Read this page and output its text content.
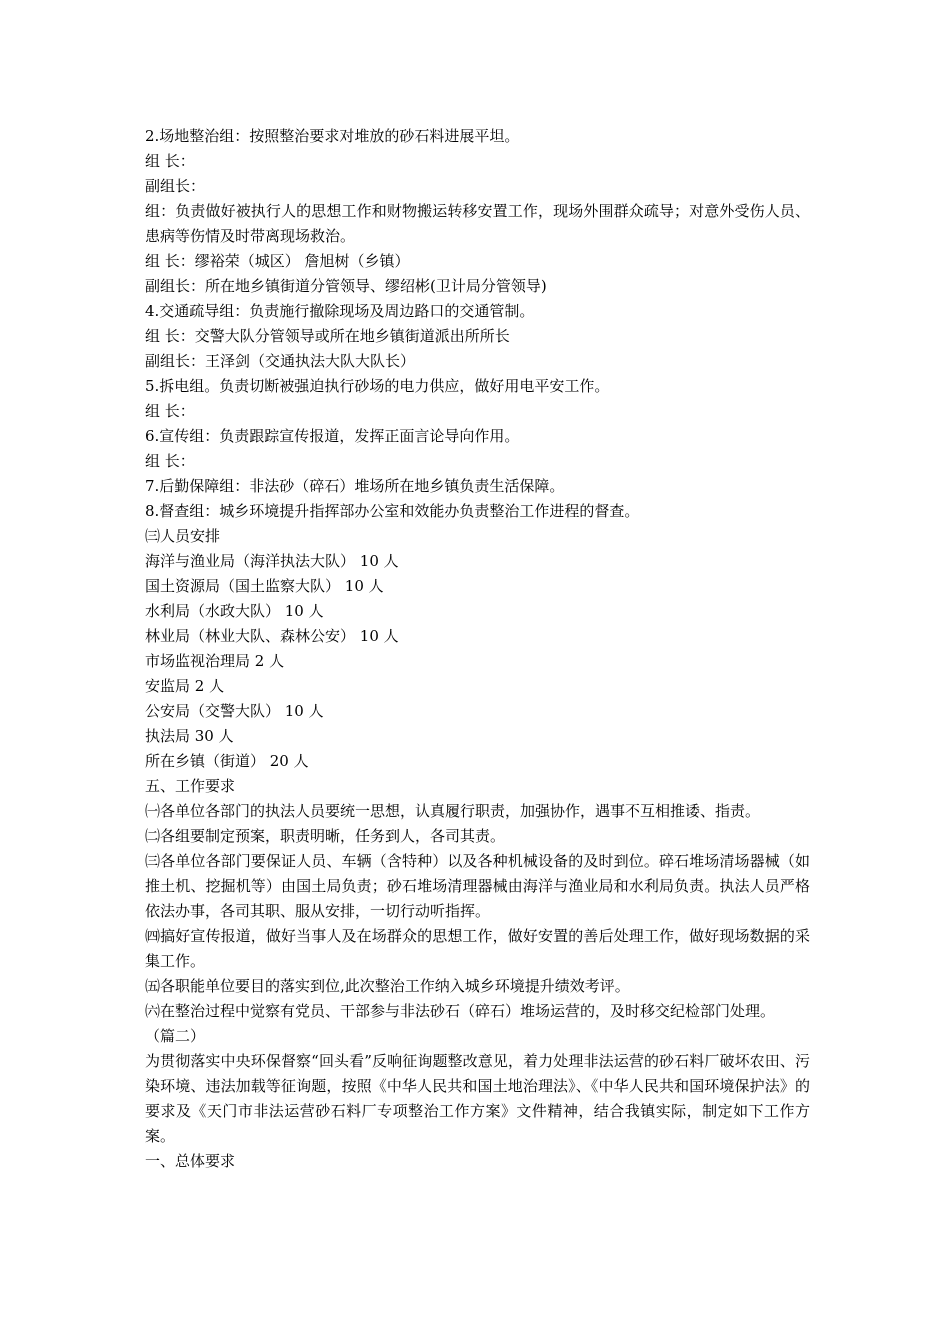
2.场地整治组：按照整治要求对堆放的砂石料进展平坦。

组 长：

副组长：

组：负责做好被执行人的思想工作和财物搬运转移安置工作，现场外围群众疏导；对意外受伤人员、患病等伤情及时带离现场救治。

组 长：缪裕荣（城区） 詹旭树（乡镇）

副组长：所在地乡镇街道分管领导、缪绍彬(卫计局分管领导)

4.交通疏导组：负责施行撤除现场及周边路口的交通管制。

组 长：交警大队分管领导或所在地乡镇街道派出所所长

副组长：王泽剑（交通执法大队大队长）

5.拆电组。负责切断被强迫执行砂场的电力供应，做好用电平安工作。

组 长：

6.宣传组：负责跟踪宣传报道，发挥正面言论导向作用。

组 长：

7.后勤保障组：非法砂（碎石）堆场所在地乡镇负责生活保障。

8.督查组：城乡环境提升指挥部办公室和效能办负责整治工作进程的督查。

㈢人员安排

海洋与渔业局（海洋执法大队） 10 人

国土资源局（国土监察大队） 10 人

水利局（水政大队） 10 人

林业局（林业大队、森林公安） 10 人

市场监视治理局 2 人

安监局 2 人

公安局（交警大队） 10 人

执法局 30 人

所在乡镇（街道） 20 人

五、工作要求

㈠各单位各部门的执法人员要统一思想，认真履行职责，加强协作，遇事不互相推诿、指责。

㈡各组要制定预案，职责明晰，任务到人，各司其责。

㈢各单位各部门要保证人员、车辆（含特种）以及各种机械设备的及时到位。碎石堆场清场器械（如推土机、挖掘机等）由国土局负责；砂石堆场清理器械由海洋与渔业局和水利局负责。执法人员严格依法办事，各司其职、服从安排，一切行动听指挥。

㈣搞好宣传报道，做好当事人及在场群众的思想工作，做好安置的善后处理工作，做好现场数据的采集工作。

㈤各职能单位要目的落实到位,此次整治工作纳入城乡环境提升绩效考评。

㈥在整治过程中觉察有党员、干部参与非法砂石（碎石）堆场运营的，及时移交纪检部门处理。

（篇二）

为贯彻落实中央环保督察“回头看”反响征询题整改意见，着力处理非法运营的砂石料厂破坏农田、污染环境、违法加载等征询题，按照《中华人民共和国土地治理法》、《中华人民共和国环境保护法》的要求及《天门市非法运营砂石料厂专项整治工作方案》文件精神，结合我镇实际，制定如下工作方案。

一、总体要求
